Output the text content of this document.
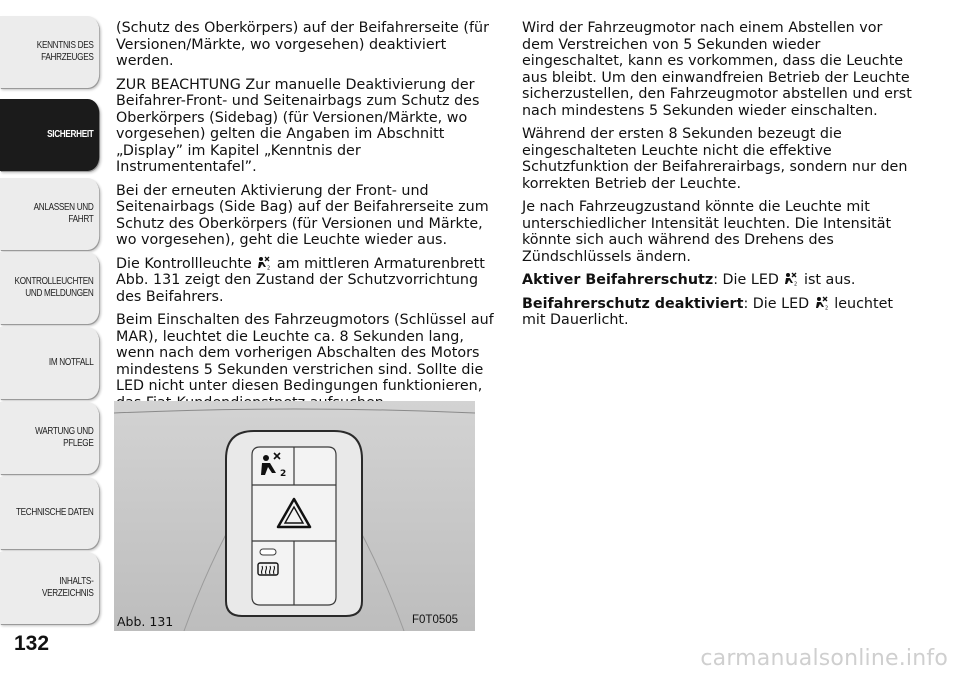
KENNTNIS DES
FAHRZEUGES
SICHERHEIT
ANLASSEN UND
FAHRT
KONTROLLEUCHTEN
UND MELDUNGEN
IM NOTFALL
WARTUNG UND
PFLEGE
TECHNISCHE DATEN
INHALTS-
VERZEICHNIS
132

(Schutz des Oberkörpers) auf der Beifahrerseite (für Versionen/Märkte, wo vorgesehen) deaktiviert werden.

ZUR BEACHTUNG Zur manuelle Deaktivierung der Beifahrer-Front- und Seitenairbags zum Schutz des Oberkörpers (Sidebag) (für Versionen/Märkte, wo vorgesehen) gelten die Angaben im Abschnitt „Display” im Kapitel „Kenntnis der Instrumententafel”.

Bei der erneuten Aktivierung der Front- und Seitenairbags (Side Bag) auf der Beifahrerseite zum Schutz des Oberkörpers (für Versionen und Märkte, wo vorgesehen), geht die Leuchte wieder aus.

Die Kontrollleuchte	2 am mittleren Armaturenbrett Abb. 131 zeigt den Zustand der Schutzvorrichtung des Beifahrers.

Beim Einschalten des Fahrzeugmotors (Schlüssel auf MAR), leuchtet die Leuchte ca. 8 Sekunden lang, wenn nach dem vorherigen Abschalten des Motors mindestens 5 Sekunden verstrichen sind. Sollte die LED nicht unter diesen Bedingungen funktionieren,

Wird der Fahrzeugmotor nach einem Abstellen vor dem Verstreichen von 5 Sekunden wieder eingeschaltet, kann es vorkommen, dass die Leuchte aus bleibt. Um den einwandfreien Betrieb der Leuchte sicherzustellen, den Fahrzeugmotor abstellen und erst nach mindestens 5 Sekunden wieder einschalten.

Während der ersten 8 Sekunden bezeugt die eingeschalteten Leuchte nicht die effektive Schutzfunktion der Beifahrerairbags, sondern nur den korrekten Betrieb der Leuchte.

Je nach Fahrzeugzustand könnte die Leuchte mit unterschiedlicher Intensität leuchten. Die Intensität könnte sich auch während des Drehens des Zündschlüssels ändern.

Aktiver Beifahrerschutz: Die LED	2 ist aus.

Beifahrerschutz deaktiviert: Die LED	2 leuchtet mit Dauerlicht.

2
Abb. 131	F0T0505
carmanualsonline.info
